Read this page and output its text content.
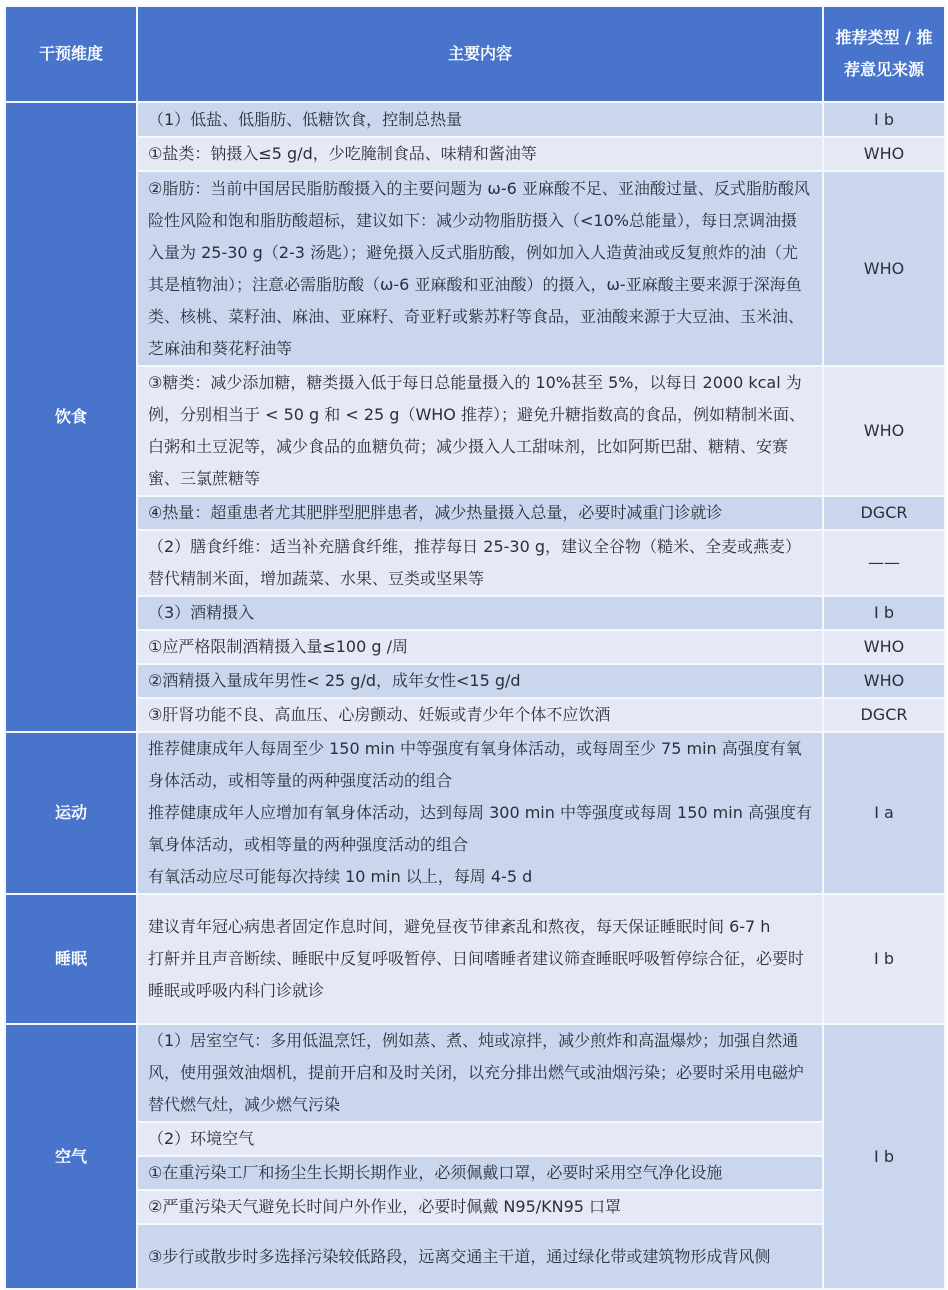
干预维度	主要内容	推荐类型 / 推荐意见来源
饮食	（1）低盐、低脂肪、低糖饮食，控制总热量	Ⅰ b
	①盐类：钠摄入≤5 g/d，少吃腌制食品、味精和酱油等	WHO
	②脂肪：当前中国居民脂肪酸摄入的主要问题为 ω-6 亚麻酸不足、亚油酸过量、反式脂肪酸风险性风险和饱和脂肪酸超标，建议如下：减少动物脂肪摄入（<10%总能量），每日烹调油摄入量为 25-30 g（2-3 汤匙）；避免摄入反式脂肪酸，例如加入人造黄油或反复煎炸的油（尤其是植物油）；注意必需脂肪酸（ω-6 亚麻酸和亚油酸）的摄入，ω-亚麻酸主要来源于深海鱼类、核桃、菜籽油、麻油、亚麻籽、奇亚籽或紫苏籽等食品，亚油酸来源于大豆油、玉米油、芝麻油和葵花籽油等	WHO
	③糖类：减少添加糖，糖类摄入低于每日总能量摄入的 10%甚至 5%，以每日 2000 kcal 为例，分别相当于 < 50 g 和 < 25 g（WHO 推荐）；避免升糖指数高的食品，例如精制米面、白粥和土豆泥等，减少食品的血糖负荷；减少摄入人工甜味剂，比如阿斯巴甜、糖精、安赛蜜、三氯蔗糖等	WHO
	④热量：超重患者尤其肥胖型肥胖患者，减少热量摄入总量，必要时减重门诊就诊	DGCR
	（2）膳食纤维：适当补充膳食纤维，推荐每日 25-30 g，建议全谷物（糙米、全麦或燕麦）替代精制米面，增加蔬菜、水果、豆类或坚果等	——
	（3）酒精摄入	Ⅰ b
	①应严格限制酒精摄入量≤100 g /周	WHO
	②酒精摄入量成年男性< 25 g/d，成年女性<15 g/d	WHO
	③肝肾功能不良、高血压、心房颤动、妊娠或青少年个体不应饮酒	DGCR
运动	推荐健康成年人每周至少 150 min 中等强度有氧身体活动，或每周至少 75 min 高强度有氧身体活动，或相等量的两种强度活动的组合
推荐健康成年人应增加有氧身体活动，达到每周 300 min 中等强度或每周 150 min 高强度有氧身体活动，或相等量的两种强度活动的组合
有氧活动应尽可能每次持续 10 min 以上，每周 4-5 d	Ⅰ a
睡眠	建议青年冠心病患者固定作息时间，避免昼夜节律紊乱和熬夜，每天保证睡眠时间 6-7 h
打鼾并且声音断续、睡眠中反复呼吸暂停、日间嗜睡者建议筛查睡眠呼吸暂停综合征，必要时睡眠或呼吸内科门诊就诊	Ⅰ b
空气	（1）居室空气：多用低温烹饪，例如蒸、煮、炖或凉拌，减少煎炸和高温爆炒；加强自然通风，使用强效油烟机，提前开启和及时关闭，以充分排出燃气或油烟污染；必要时采用电磁炉替代燃气灶，减少燃气污染	Ⅰ b
	（2）环境空气	
	①在重污染工厂和扬尘生长期长期作业，必须佩戴口罩，必要时采用空气净化设施	
	②严重污染天气避免长时间户外作业，必要时佩戴 N95/KN95 口罩	
	③步行或散步时多选择污染较低路段，远离交通主干道，通过绿化带或建筑物形成背风侧	
